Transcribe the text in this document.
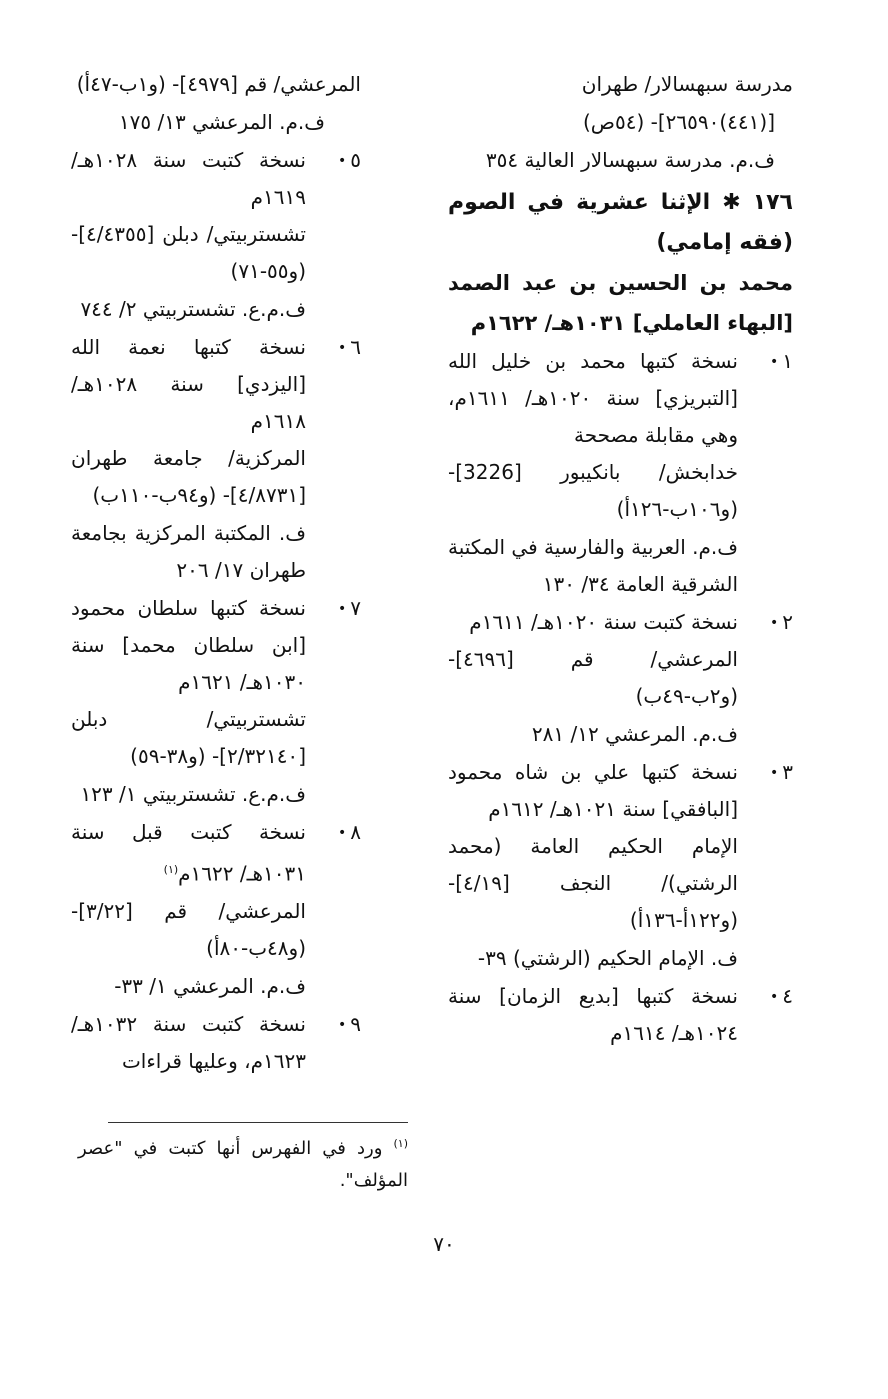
مدرسة سبهسالار/ طهران

[(٤٤١)٢٦٥٩٠]- (٥٤ص)

ف.م. مدرسة سبهسالار العالية ٣٥٤

١٧٦ ✱ الإثنا عشرية في الصوم (فقه إمامي)
محمد بن الحسين بن عبد الصمد [البهاء العاملي] ١٠٣١هـ/ ١٦٢٢م
١•
نسخة كتبها محمد بن خليل الله [التبريزي] سنة ١٠٢٠هـ/ ١٦١١م، وهي مقابلة مصححة

خدابخش/ بانكيبور [3226]- (و١٠٦ب-١٢٦أ)

ف.م. العربية والفارسية في المكتبة الشرقية العامة ٣٤/ ١٣٠

٢•
نسخة كتبت سنة ١٠٢٠هـ/ ١٦١١م

المرعشي/ قم [٤٦٩٦]- (و٢ب-٤٩ب)

ف.م. المرعشي ١٢/ ٢٨١

٣•
نسخة كتبها علي بن شاه محمود [البافقي] سنة ١٠٢١هـ/ ١٦١٢م

الإمام الحكيم العامة (محمد الرشتي)/ النجف [٤/١٩]- (و١٢٢أ-١٣٦أ)

ف. الإمام الحكيم (الرشتي) ٣٩-

٤•
نسخة كتبها [بديع الزمان] سنة ١٠٢٤هـ/ ١٦١٤م

المرعشي/ قم [٤٩٧٩]- (و١ب-٤٧أ)

ف.م. المرعشي ١٣/ ١٧٥

٥•
نسخة كتبت سنة ١٠٢٨هـ/ ١٦١٩م

تشستربيتي/ دبلن [٤/٤٣٥٥]- (و٥٥-٧١)

ف.م.ع. تشستربيتي ٢/ ٧٤٤

٦•
نسخة كتبها نعمة الله [اليزدي] سنة ١٠٢٨هـ/ ١٦١٨م

المركزية/ جامعة طهران [٤/٨٧٣١]- (و٩٤ب-١١٠ب)

ف. المكتبة المركزية بجامعة طهران ١٧/ ٢٠٦

٧•
نسخة كتبها سلطان محمود [ابن سلطان محمد] سنة ١٠٣٠هـ/ ١٦٢١م

تشستربيتي/ دبلن [٢/٣٢١٤٠]- (و٣٨-٥٩)

ف.م.ع. تشستربيتي ١/ ١٢٣

٨•
نسخة كتبت قبل سنة ١٠٣١هـ/ ١٦٢٢م$^{(١)}$

المرعشي/ قم [٣/٢٢]- (و٤٨ب-٨٠أ)

ف.م. المرعشي ١/ ٣٣-

٩•
نسخة كتبت سنة ١٠٣٢هـ/ ١٦٢٣م، وعليها قراءات
$^{(١)}$ ورد في الفهرس أنها كتبت في "عصر المؤلف".
٧٠
